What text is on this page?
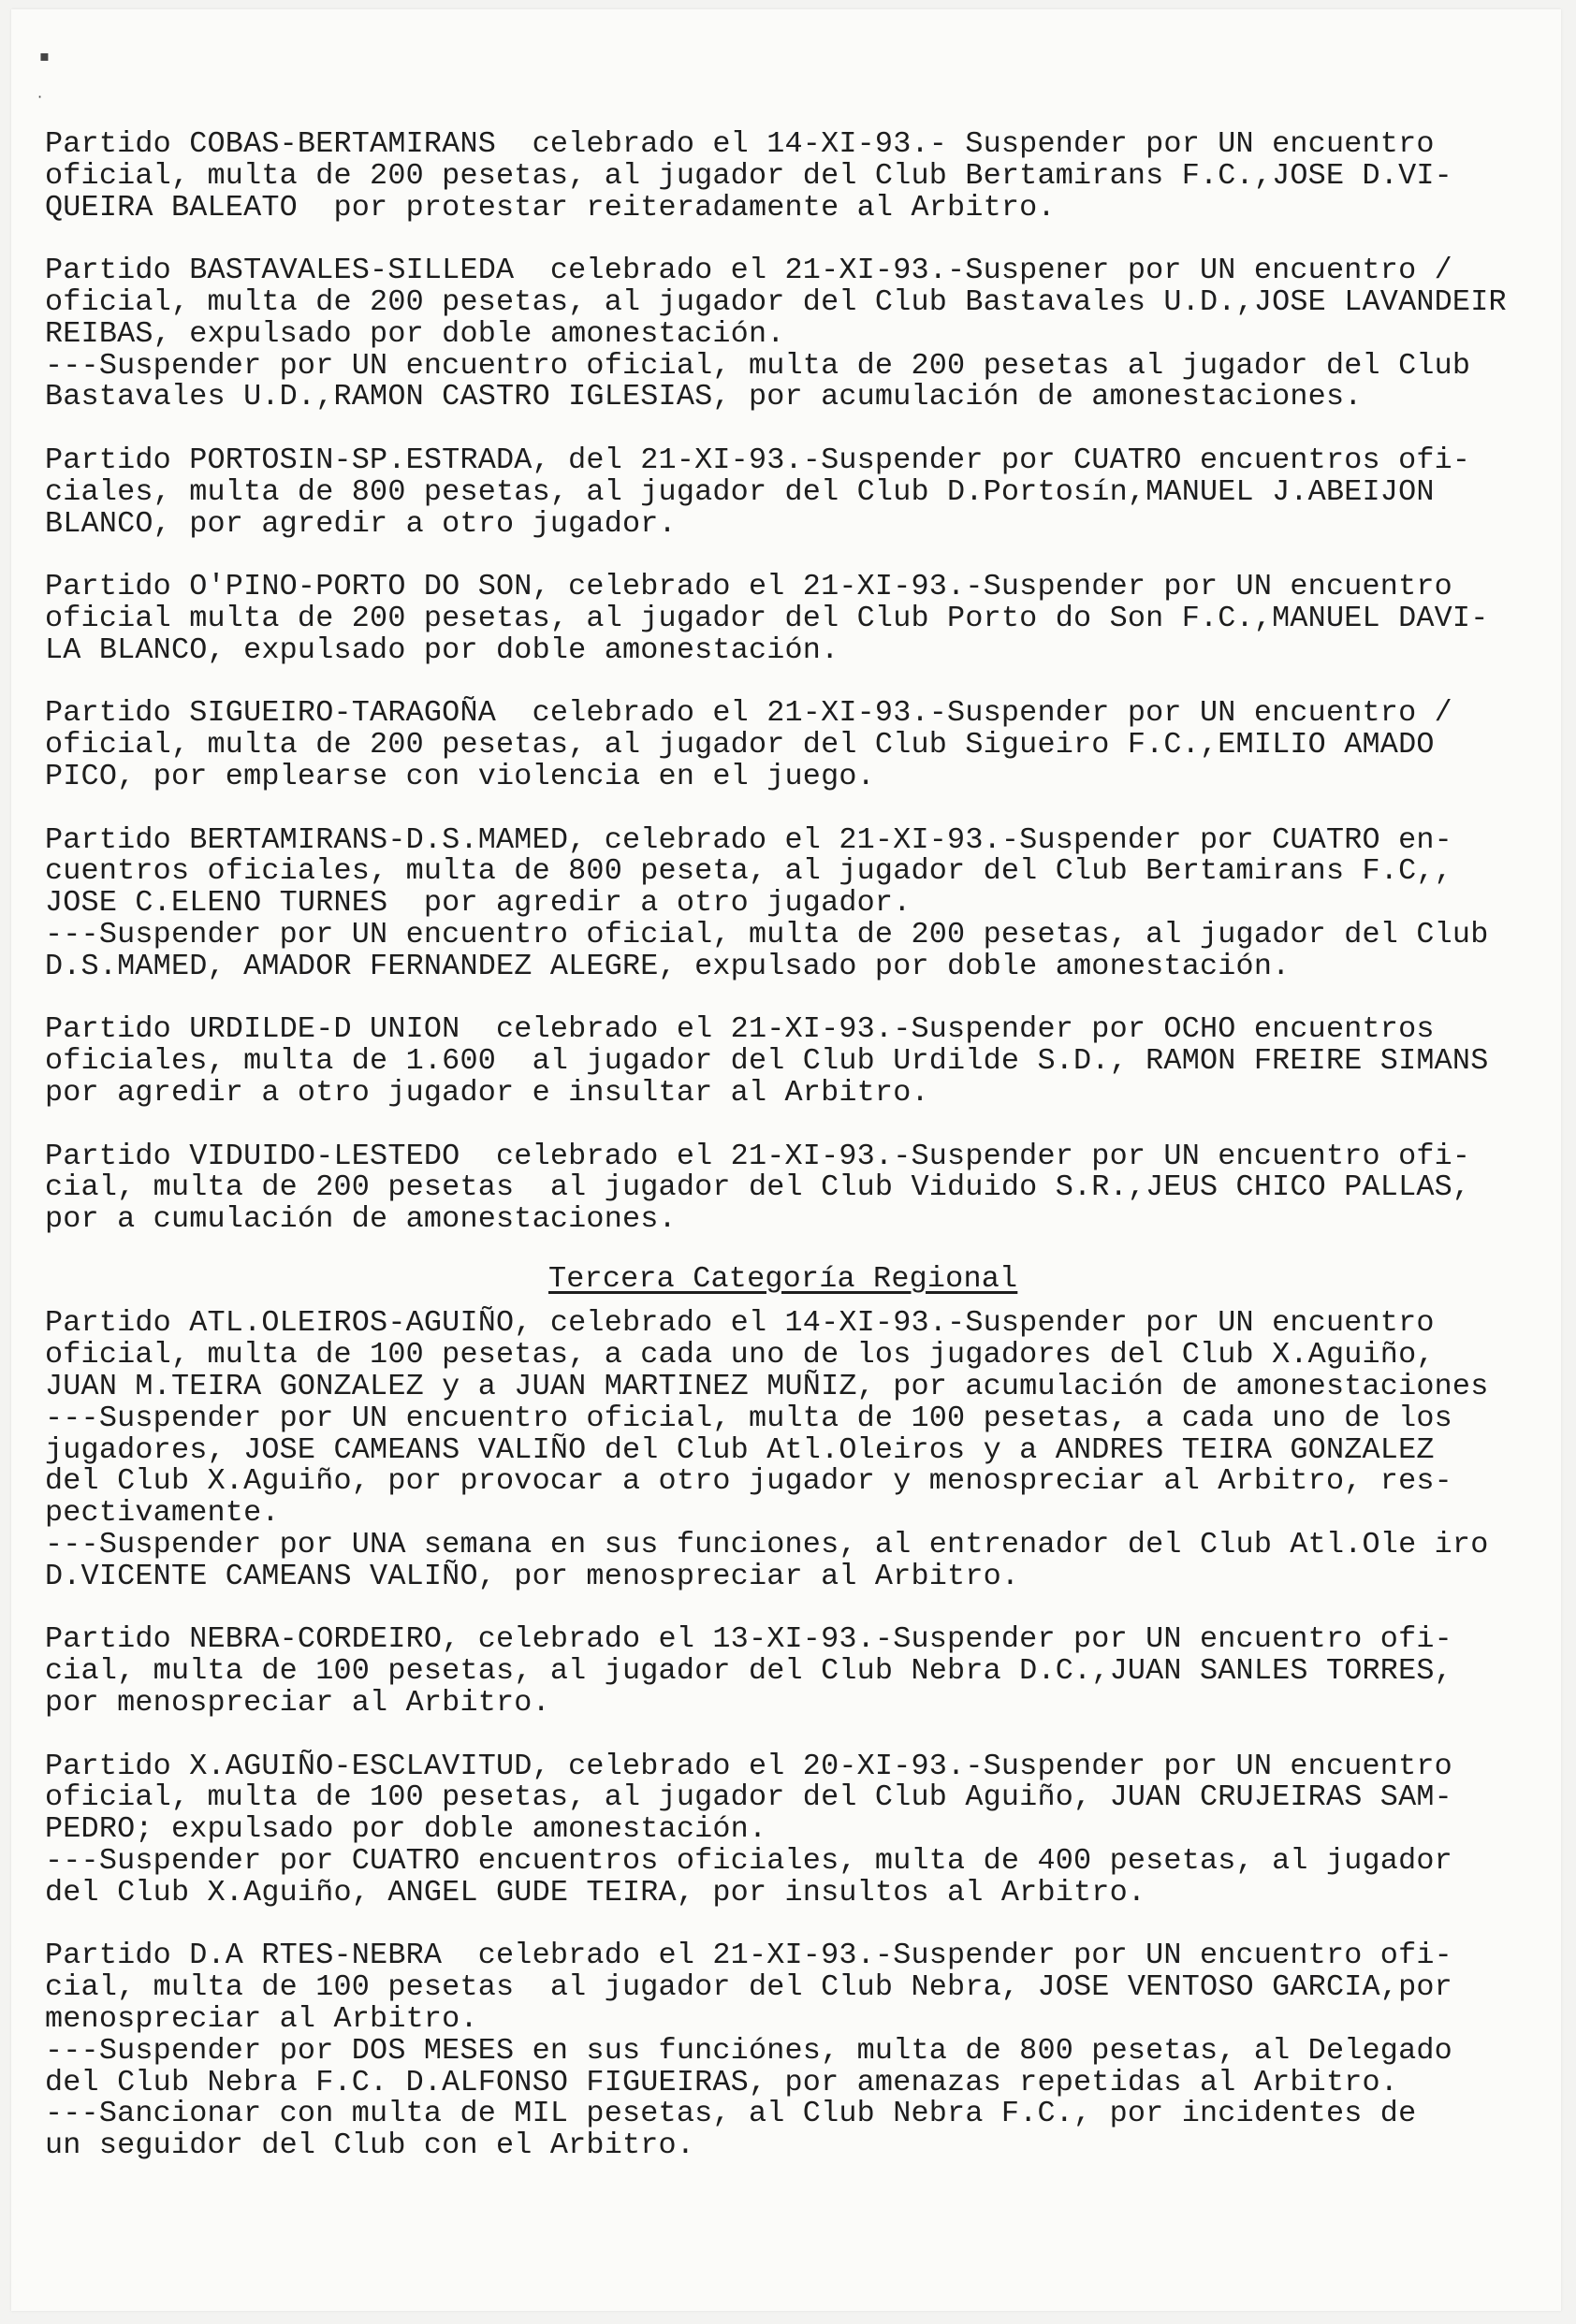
▪
·
Partido COBAS-BERTAMIRANS  celebrado el 14-XI-93.- Suspender por UN encuentro
oficial, multa de 200 pesetas, al jugador del Club Bertamirans F.C.,JOSE D.VI-
QUEIRA BALEATO  por protestar reiteradamente al Arbitro.
Partido BASTAVALES-SILLEDA  celebrado el 21-XI-93.-Suspener por UN encuentro /
oficial, multa de 200 pesetas, al jugador del Club Bastavales U.D.,JOSE LAVANDEIR
REIBAS, expulsado por doble amonestación.
---Suspender por UN encuentro oficial, multa de 200 pesetas al jugador del Club
Bastavales U.D.,RAMON CASTRO IGLESIAS, por acumulación de amonestaciones.
Partido PORTOSIN-SP.ESTRADA, del 21-XI-93.-Suspender por CUATRO encuentros ofi-
ciales, multa de 800 pesetas, al jugador del Club D.Portosín,MANUEL J.ABEIJON
BLANCO, por agredir a otro jugador.
Partido O'PINO-PORTO DO SON, celebrado el 21-XI-93.-Suspender por UN encuentro
oficial multa de 200 pesetas, al jugador del Club Porto do Son F.C.,MANUEL DAVI-
LA BLANCO, expulsado por doble amonestación.
Partido SIGUEIRO-TARAGOÑA  celebrado el 21-XI-93.-Suspender por UN encuentro /
oficial, multa de 200 pesetas, al jugador del Club Sigueiro F.C.,EMILIO AMADO
PICO, por emplearse con violencia en el juego.
Partido BERTAMIRANS-D.S.MAMED, celebrado el 21-XI-93.-Suspender por CUATRO en-
cuentros oficiales, multa de 800 peseta, al jugador del Club Bertamirans F.C,,
JOSE C.ELENO TURNES  por agredir a otro jugador.
---Suspender por UN encuentro oficial, multa de 200 pesetas, al jugador del Club
D.S.MAMED, AMADOR FERNANDEZ ALEGRE, expulsado por doble amonestación.
Partido URDILDE-D UNION  celebrado el 21-XI-93.-Suspender por OCHO encuentros
oficiales, multa de 1.600  al jugador del Club Urdilde S.D., RAMON FREIRE SIMANS
por agredir a otro jugador e insultar al Arbitro.
Partido VIDUIDO-LESTEDO  celebrado el 21-XI-93.-Suspender por UN encuentro ofi-
cial, multa de 200 pesetas  al jugador del Club Viduido S.R.,JEUS CHICO PALLAS,
por a cumulación de amonestaciones.
Tercera Categoría Regional
Partido ATL.OLEIROS-AGUIÑO, celebrado el 14-XI-93.-Suspender por UN encuentro
oficial, multa de 100 pesetas, a cada uno de los jugadores del Club X.Aguiño,
JUAN M.TEIRA GONZALEZ y a JUAN MARTINEZ MUÑIZ, por acumulación de amonestaciones
---Suspender por UN encuentro oficial, multa de 100 pesetas, a cada uno de los
jugadores, JOSE CAMEANS VALIÑO del Club Atl.Oleiros y a ANDRES TEIRA GONZALEZ
del Club X.Aguiño, por provocar a otro jugador y menospreciar al Arbitro, res-
pectivamente.
---Suspender por UNA semana en sus funciones, al entrenador del Club Atl.Ole iro
D.VICENTE CAMEANS VALIÑO, por menospreciar al Arbitro.
Partido NEBRA-CORDEIRO, celebrado el 13-XI-93.-Suspender por UN encuentro ofi-
cial, multa de 100 pesetas, al jugador del Club Nebra D.C.,JUAN SANLES TORRES,
por menospreciar al Arbitro.
Partido X.AGUIÑO-ESCLAVITUD, celebrado el 20-XI-93.-Suspender por UN encuentro
oficial, multa de 100 pesetas, al jugador del Club Aguiño, JUAN CRUJEIRAS SAM-
PEDRO; expulsado por doble amonestación.
---Suspender por CUATRO encuentros oficiales, multa de 400 pesetas, al jugador
del Club X.Aguiño, ANGEL GUDE TEIRA, por insultos al Arbitro.
Partido D.A RTES-NEBRA  celebrado el 21-XI-93.-Suspender por UN encuentro ofi-
cial, multa de 100 pesetas  al jugador del Club Nebra, JOSE VENTOSO GARCIA,por
menospreciar al Arbitro.
---Suspender por DOS MESES en sus funciónes, multa de 800 pesetas, al Delegado
del Club Nebra F.C. D.ALFONSO FIGUEIRAS, por amenazas repetidas al Arbitro.
---Sancionar con multa de MIL pesetas, al Club Nebra F.C., por incidentes de
un seguidor del Club con el Arbitro.
